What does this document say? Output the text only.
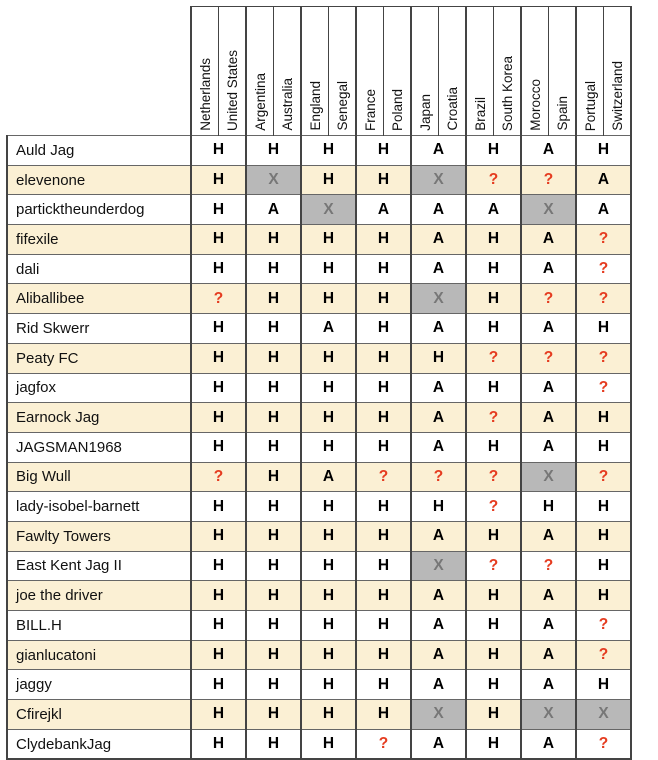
	Netherlands	United States	Argentina	Australia	England	Senegal	France	Poland	Japan	Croatia	Brazil	South Korea	Morocco	Spain	Portugal	Switzerland

Auld Jag	H		H		H		H		A		H		A		H	
elevenone	H		X		H		H		X		?		?		A	
particktheunderdog	H		A		X		A		A		A		X		A	
fifexile	H		H		H		H		A		H		A		?	
dali	H		H		H		H		A		H		A		?	
Aliballibee	?		H		H		H		X		H		?		?	
Rid Skwerr	H		H		A		H		A		H		A		H	
Peaty FC	H		H		H		H		H		?		?		?	
jagfox	H		H		H		H		A		H		A		?	
Earnock Jag	H		H		H		H		A		?		A		H	
JAGSMAN1968	H		H		H		H		A		H		A		H	
Big Wull	?		H		A		?		?		?		X		?	
lady-isobel-barnett	H		H		H		H		H		?		H		H	
Fawlty Towers	H		H		H		H		A		H		A		H	
East Kent Jag II	H		H		H		H		X		?		?		H	
joe the driver	H		H		H		H		A		H		A		H	
BILL.H	H		H		H		H		A		H		A		?	
gianlucatoni	H		H		H		H		A		H		A		?	
jaggy	H		H		H		H		A		H		A		H	
Cfirejkl	H		H		H		H		X		H		X		X	
ClydebankJag	H		H		H		?		A		H		A		?	
